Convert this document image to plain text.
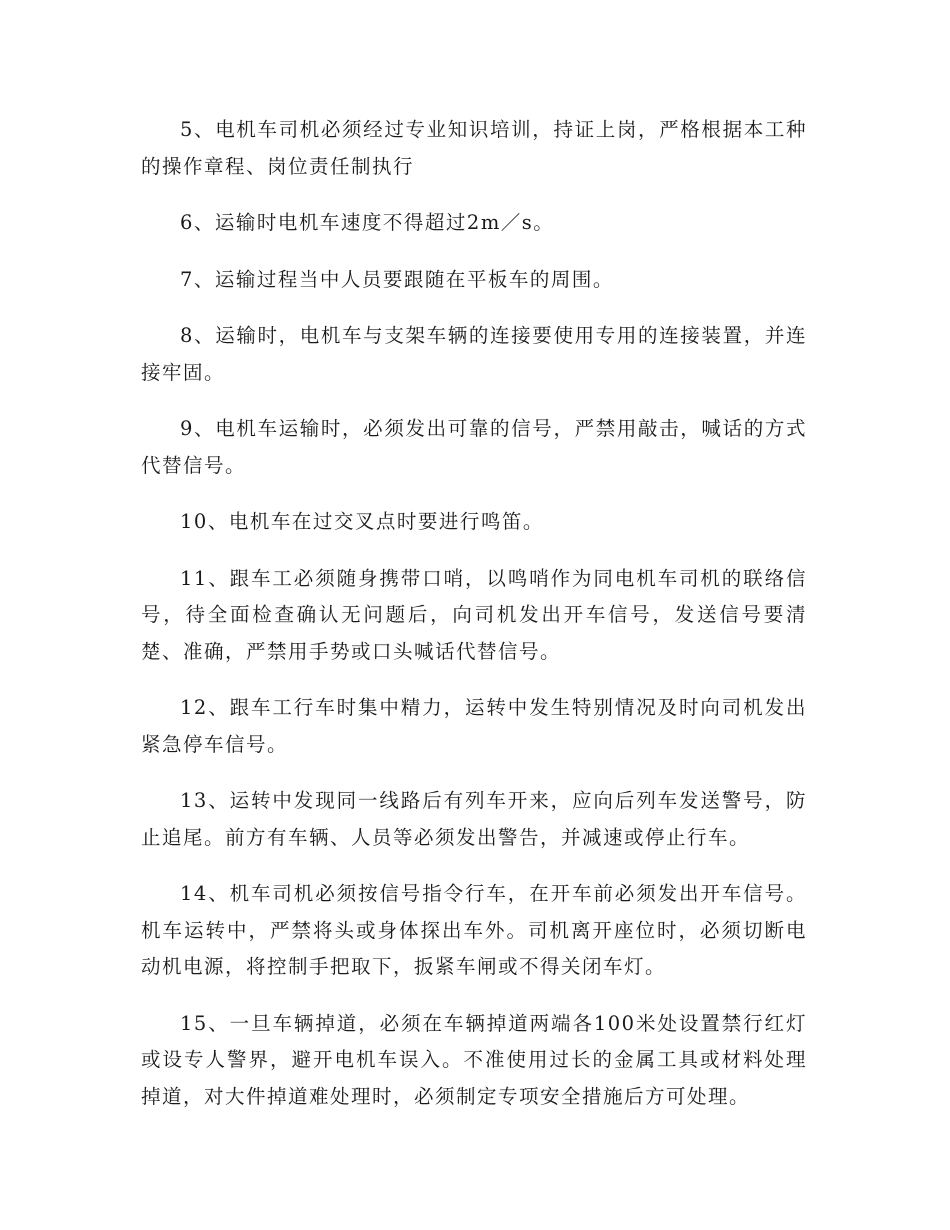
5、电机车司机必须经过专业知识培训，持证上岗，严格根据本工种的操作章程、岗位责任制执行

6、运输时电机车速度不得超过2m／s。

7、运输过程当中人员要跟随在平板车的周围。

8、运输时，电机车与支架车辆的连接要使用专用的连接装置，并连接牢固。

9、电机车运输时，必须发出可靠的信号，严禁用敲击，喊话的方式代替信号。

10、电机车在过交叉点时要进行鸣笛。

11、跟车工必须随身携带口哨，以鸣哨作为同电机车司机的联络信号，待全面检查确认无问题后，向司机发出开车信号，发送信号要清楚、准确，严禁用手势或口头喊话代替信号。

12、跟车工行车时集中精力，运转中发生特别情况及时向司机发出紧急停车信号。

13、运转中发现同一线路后有列车开来，应向后列车发送警号，防止追尾。前方有车辆、人员等必须发出警告，并减速或停止行车。

14、机车司机必须按信号指令行车，在开车前必须发出开车信号。机车运转中，严禁将头或身体探出车外。司机离开座位时，必须切断电动机电源，将控制手把取下，扳紧车闸或不得关闭车灯。

15、一旦车辆掉道，必须在车辆掉道两端各100米处设置禁行红灯或设专人警界，避开电机车误入。不准使用过长的金属工具或材料处理掉道，对大件掉道难处理时，必须制定专项安全措施后方可处理。
